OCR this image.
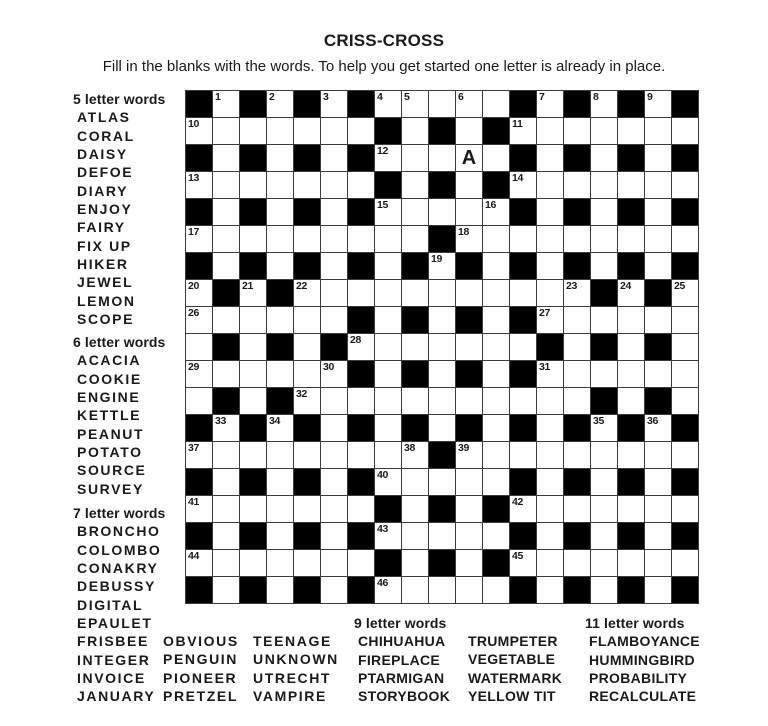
CRISS-CROSS
Fill in the blanks with the words. To help you get started one letter is already in place.
1	2	3	4 5	6	7	8	9
10	11
12	A
13	14
15	16
17	18
19
20	21	22	23	24	25
26	27
28
29	30	31
32
33	34	35	36
37	38	39
40
41	42
43
44	45
46
5 letter words
ATLAS
CORAL
DAISY
DEFOE
DIARY
ENJOY
FAIRY
FIX UP
HIKER
JEWEL
LEMON
SCOPE
6 letter words
ACACIA
COOKIE
ENGINE
KETTLE
PEANUT
POTATO
SOURCE
SURVEY
7 letter words
BRONCHO
COLOMBO
CONAKRY
DEBUSSY
DIGITAL
EPAULET
FRISBEE
INTEGER
INVOICE
JANUARY
OBVIOUS
PENGUIN
PIONEER
PRETZEL
TEENAGE
UNKNOWN
UTRECHT
VAMPIRE
9 letter words
CHIHUAHUA
FIREPLACE
PTARMIGAN
STORYBOOK
TRUMPETER
VEGETABLE
WATERMARK
YELLOW TIT
11 letter words
FLAMBOYANCE
HUMMINGBIRD
PROBABILITY
RECALCULATE
